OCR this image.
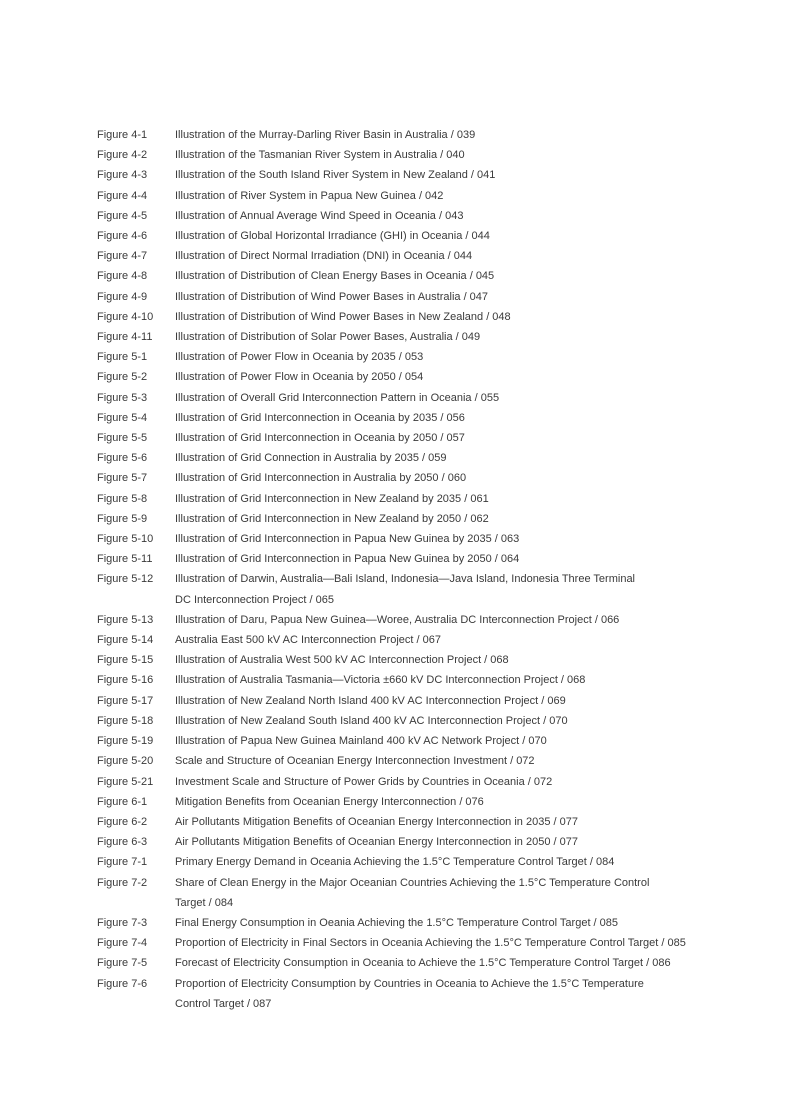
Figure 4-1	Illustration of the Murray-Darling River Basin in Australia / 039
Figure 4-2	Illustration of the Tasmanian River System in Australia / 040
Figure 4-3	Illustration of the South Island River System in New Zealand / 041
Figure 4-4	Illustration of River System in Papua New Guinea / 042
Figure 4-5	Illustration of Annual Average Wind Speed in Oceania / 043
Figure 4-6	Illustration of Global Horizontal Irradiance (GHI) in Oceania / 044
Figure 4-7	Illustration of Direct Normal Irradiation (DNI) in Oceania / 044
Figure 4-8	Illustration of Distribution of Clean Energy Bases in Oceania / 045
Figure 4-9	Illustration of Distribution of Wind Power Bases in Australia / 047
Figure 4-10	Illustration of Distribution of Wind Power Bases in New Zealand / 048
Figure 4-11	Illustration of Distribution of Solar Power Bases, Australia / 049
Figure 5-1	Illustration of Power Flow in Oceania by 2035 / 053
Figure 5-2	Illustration of Power Flow in Oceania by 2050 / 054
Figure 5-3	Illustration of Overall Grid Interconnection Pattern in Oceania / 055
Figure 5-4	Illustration of Grid Interconnection in Oceania by 2035 / 056
Figure 5-5	Illustration of Grid Interconnection in Oceania by 2050 / 057
Figure 5-6	Illustration of Grid Connection in Australia by 2035 / 059
Figure 5-7	Illustration of Grid Interconnection in Australia by 2050 / 060
Figure 5-8	Illustration of Grid Interconnection in New Zealand by 2035 / 061
Figure 5-9	Illustration of Grid Interconnection in New Zealand by 2050 / 062
Figure 5-10	Illustration of Grid Interconnection in Papua New Guinea by 2035 / 063
Figure 5-11	Illustration of Grid Interconnection in Papua New Guinea by 2050 / 064
Figure 5-12	Illustration of Darwin, Australia—Bali Island, Indonesia—Java Island, Indonesia Three Terminal
DC Interconnection Project / 065
Figure 5-13	Illustration of Daru, Papua New Guinea—Woree, Australia DC Interconnection Project / 066
Figure 5-14	Australia East 500 kV AC Interconnection Project / 067
Figure 5-15	Illustration of Australia West 500 kV AC Interconnection Project / 068
Figure 5-16	Illustration of Australia Tasmania—Victoria ±660 kV DC Interconnection Project / 068
Figure 5-17	Illustration of New Zealand North Island 400 kV AC Interconnection Project / 069
Figure 5-18	Illustration of New Zealand South Island 400 kV AC Interconnection Project / 070
Figure 5-19	Illustration of Papua New Guinea Mainland 400 kV AC Network Project / 070
Figure 5-20	Scale and Structure of Oceanian Energy Interconnection Investment / 072
Figure 5-21	Investment Scale and Structure of Power Grids by Countries in Oceania / 072
Figure 6-1	Mitigation Benefits from Oceanian Energy Interconnection / 076
Figure 6-2	Air Pollutants Mitigation Benefits of Oceanian Energy Interconnection in 2035 / 077
Figure 6-3	Air Pollutants Mitigation Benefits of Oceanian Energy Interconnection in 2050 / 077
Figure 7-1	Primary Energy Demand in Oceania Achieving the 1.5°C Temperature Control Target / 084
Figure 7-2	Share of Clean Energy in the Major Oceanian Countries Achieving the 1.5°C Temperature Control
Target / 084
Figure 7-3	Final Energy Consumption in Oeania Achieving the 1.5°C Temperature Control Target / 085
Figure 7-4	Proportion of Electricity in Final Sectors in Oceania Achieving the 1.5°C Temperature Control Target / 085
Figure 7-5	Forecast of Electricity Consumption in Oceania to Achieve the 1.5°C Temperature Control Target / 086
Figure 7-6	Proportion of Electricity Consumption by Countries in Oceania to Achieve the 1.5°C Temperature
Control Target / 087
